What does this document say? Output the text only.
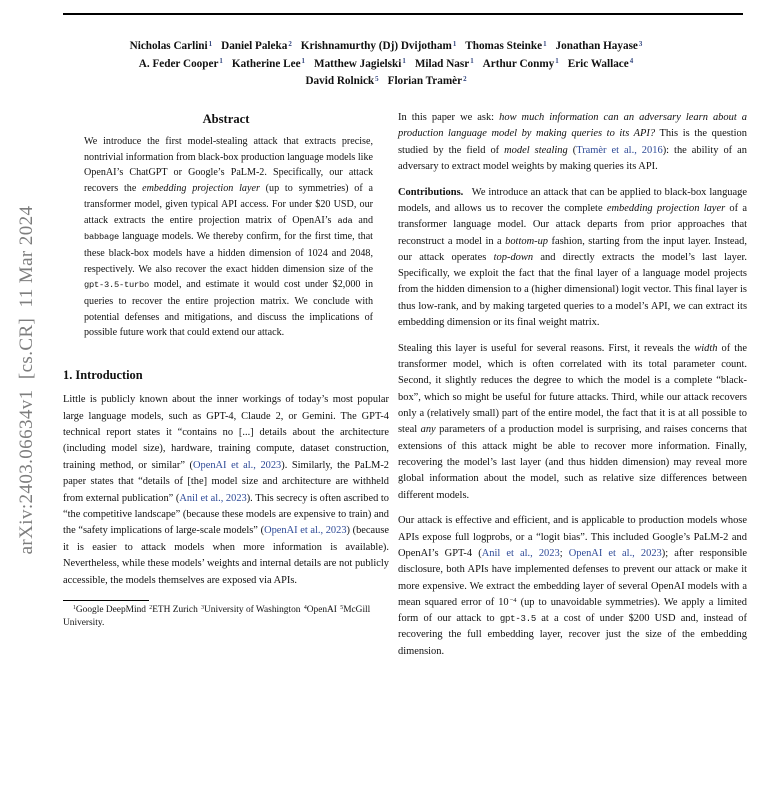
arXiv:2403.06634v1  [cs.CR]  11 Mar 2024
Nicholas Carlini$^1$ Daniel Paleka$^2$ Krishnamurthy (Dj) Dvijotham$^1$ Thomas Steinke$^1$ Jonathan Hayase$^3$
A. Feder Cooper$^1$ Katherine Lee$^1$ Matthew Jagielski$^1$ Milad Nasr$^1$ Arthur Conmy$^1$ Eric Wallace$^4$
David Rolnick$^5$ Florian Tramèr$^2$
Abstract

We introduce the first model-stealing attack that extracts precise, nontrivial information from black-box production language models like OpenAI’s ChatGPT or Google’s PaLM-2. Specifically, our attack recovers the embedding projection layer (up to symmetries) of a transformer model, given typical API access. For under $20 USD, our attack extracts the entire projection matrix of OpenAI’s ada and babbage language models. We thereby confirm, for the first time, that these black-box models have a hidden dimension of 1024 and 2048, respectively. We also recover the exact hidden dimension size of the gpt-3.5-turbo model, and estimate it would cost under $2,000 in queries to recover the entire projection matrix. We conclude with potential defenses and mitigations, and discuss the implications of possible future work that could extend our attack.

1. Introduction

Little is publicly known about the inner workings of today’s most popular large language models, such as GPT-4, Claude 2, or Gemini. The GPT-4 technical report states it “contains no [...] details about the architecture (including model size), hardware, training compute, dataset construction, training method, or similar” (OpenAI et al., 2023). Similarly, the PaLM-2 paper states that “details of [the] model size and architecture are withheld from external publication” (Anil et al., 2023). This secrecy is often ascribed to “the competitive landscape” (because these models are expensive to train) and the “safety implications of large-scale models” (OpenAI et al., 2023) (because it is easier to attack models when more information is available). Nevertheless, while these models’ weights and internal details are not publicly accessible, the models themselves are exposed via APIs.

$^1$Google DeepMind $^2$ETH Zurich $^3$University of Washington $^4$OpenAI $^5$McGill University.

In this paper we ask: how much information can an adversary learn about a production language model by making queries to its API? This is the question studied by the field of model stealing (Tramèr et al., 2016): the ability of an adversary to extract model weights by making queries its API.

Contributions.   We introduce an attack that can be applied to black-box language models, and allows us to recover the complete embedding projection layer of a transformer language model. Our attack departs from prior approaches that reconstruct a model in a bottom-up fashion, starting from the input layer. Instead, our attack operates top-down and directly extracts the model’s last layer. Specifically, we exploit the fact that the final layer of a language model projects from the hidden dimension to a (higher dimensional) logit vector. This final layer is thus low-rank, and by making targeted queries to a model’s API, we can extract its embedding dimension or its final weight matrix.

Stealing this layer is useful for several reasons. First, it reveals the width of the transformer model, which is often correlated with its total parameter count. Second, it slightly reduces the degree to which the model is a complete “black-box”, which so might be useful for future attacks. Third, while our attack recovers only a (relatively small) part of the entire model, the fact that it is at all possible to steal any parameters of a production model is surprising, and raises concerns that extensions of this attack might be able to recover more information. Finally, recovering the model’s last layer (and thus hidden dimension) may reveal more global information about the model, such as relative size differences between different models.

Our attack is effective and efficient, and is applicable to production models whose APIs expose full logprobs, or a “logit bias”. This included Google’s PaLM-2 and OpenAI’s GPT-4 (Anil et al., 2023; OpenAI et al., 2023); after responsible disclosure, both APIs have implemented defenses to prevent our attack or make it more expensive. We extract the embedding layer of several OpenAI models with a mean squared error of $10^{-4}$ (up to unavoidable symmetries). We apply a limited form of our attack to gpt-3.5 at a cost of under $200 USD and, instead of recovering the full embedding layer, recover just the size of the embedding dimension.
